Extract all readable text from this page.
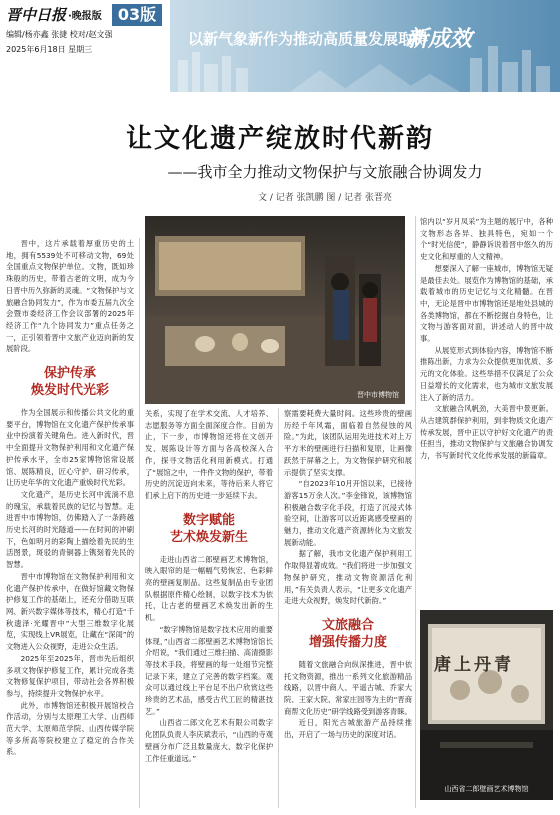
晋中日报 ·晚报版	03版
编辑/杨亦鑫 张捷 校对/赵文强
2025年6月18日 星期三
以新气象新作为推动高质量发展取得
新成效
让文化遗产绽放时代新韵
——我市全力推动文物保护与文旅融合协调发力
文 / 记者 张凯鹏 图 / 记者 张晋亮

晋中，这片承载着厚重历史的土地，拥有5539处不可移动文物，69处全国重点文物保护单位。文物，既如珍珠般的历史，带着古老的文明，成为今日晋中历久弥新的灵魂。“文物保护与文旅融合协同发力”，作为市委五届九次全会暨市委经济工作会议部署的2025年经济工作“九个协同发力”重点任务之一，正引领着晋中文旅产业迈向新的发展阶段。

保护传承
焕发时代光彩

作为全国展示和传播公共文化的重要平台，博物馆在文化遗产保护传承事业中扮演着关键角色。进入新时代，晋中全面提升文物保护利用和文化遗产保护传承水平，全市25家博物馆常设展馆、展陈精良，匠心守护、研习传承，让历史年华的文化遗产重焕时代光彩。

文化遗产，是历史长河中流淌不息的瑰宝，承载着民族的记忆与智慧。走进晋中市博物馆，仿佛踏入了一条跨越历史长河的时光隧道——在时间的冲刷下，色如明月的彩陶上描绘着先民的生活图景，斑驳的青铜器上镌刻着先民的智慧。

晋中市博物馆在文物保护利用和文化遗产保护传承中，在做好馆藏文物保护修复工作的基础上，还充分借助互联网、新兴数字媒体等技术，精心打造“千秋遗泽·光耀晋中”大型三维数字化展览，实现线上VR展览，让藏在“深闺”的文物进入公众视野，走进公众生活。

2025年至2025年，晋市先后组织多项文物保护修复工作，累计完成各类文物修复保护项目，带动社会各界积极参与，持续提升文物保护水平。

此外，市博物馆还积极开展馆校合作活动，分别与太原理工大学、山西师范大学、太原师范学院、山西传媒学院等多所高等院校建立了稳定的合作关系。

晋中市博物馆

关系，实现了在学术交流、人才培养、志愿服务等方面全面深度合作。目前为止，下一步，市博物馆还将在文创开发、展陈设计等方面与各高校深入合作，探寻文物活化利用新模式。打通了“展馆之中，一件件文物的保护，带着历史的沉淀迈向未来，等待后来人将它们承上启下的历史进一步延续下去。

数字赋能
艺术焕发新生

走进山西省二郎壁画艺术博物馆，映入眼帘的是一幅幅气势恢宏、色彩鲜亮的壁画复制品。这些复制品由专业团队根据原件精心绘制，以数字技术为依托，让古老的壁画艺术焕发出新的生机。

“数字博物馆是数字技术应用的重要体现，”山西省二郎壁画艺术博物馆馆长介绍说，“我们通过三维扫描、高清摄影等技术手段，将壁画的每一处细节完整记录下来，建立了完善的数字档案。观众可以通过线上平台足不出户欣赏这些珍贵的艺术品，感受古代工匠的精湛技艺。”

山西省二郎文化艺术有限公司数字化团队负责人李庆斌表示，“山西的寺观壁画分布广泛且数量庞大，数字化保护工作任重道远。”

察需要耗费大量时间。这些珍贵的壁画历经千年风霜，面临着自然侵蚀的风险。”为此，该团队运用先进技术对上万平方米的壁画进行扫描和复原，让画像跃然于屏幕之上，为文物保护研究和展示提供了坚实支撑。

“自2023年10月开馆以来，已接待游客15万余人次。”李金锋说，该博物馆积极融合数字化手段，打造了沉浸式体验空间，让游客可以近距离感受壁画的魅力，推动文化遗产资源转化为文旅发展新动能。

据了解，我市文化遗产保护利用工作取得显著成效。“我们将进一步加强文物保护研究，推动文物资源活化利用，”有关负责人表示，“让更多文化遗产走进大众视野，焕发时代新韵。”

文旅融合
增强传播力度

随着文旅融合向纵深推进，晋中依托文物资源，推出一系列文化旅游精品线路，以晋中商人、平遥古城、乔家大院、王家大院、常家庄园等为主的“晋商商帮文化历史”研学线路受到游客青睐。

近日，阳光古城旅游产品持续推出，开启了一场与历史的深度对话。

馆内以“岁月凤采”为主题的展厅中，各种文物形态各异、独具特色，宛如一个个“时光信使”，静静诉说着晋中悠久的历史文化和厚重的人文精神。

想要深入了解一座城市，博物馆无疑是最佳去处。展览作为博物馆的基础，承载着城市的历史记忆与文化精髓。在晋中，无论是晋中市博物馆还是地处县城的各类博物馆，都在不断挖掘自身特色，让文物与游客面对面，讲述动人的晋中故事。

从展览形式到体验内容，博物馆不断推陈出新，力求为公众提供更加优质、多元的文化体验。这些举措不仅满足了公众日益增长的文化需求，也为城市文旅发展注入了新的活力。

文旅融合风帆劲，大美晋中景更新。从古建筑群保护利用，到非物质文化遗产传承发展，晋中正以守护好文化遗产的责任担当，推动文物保护与文旅融合协调发力，书写新时代文化传承发展的新篇章。

唐上丹青
山西省二郎壁画艺术博物馆
